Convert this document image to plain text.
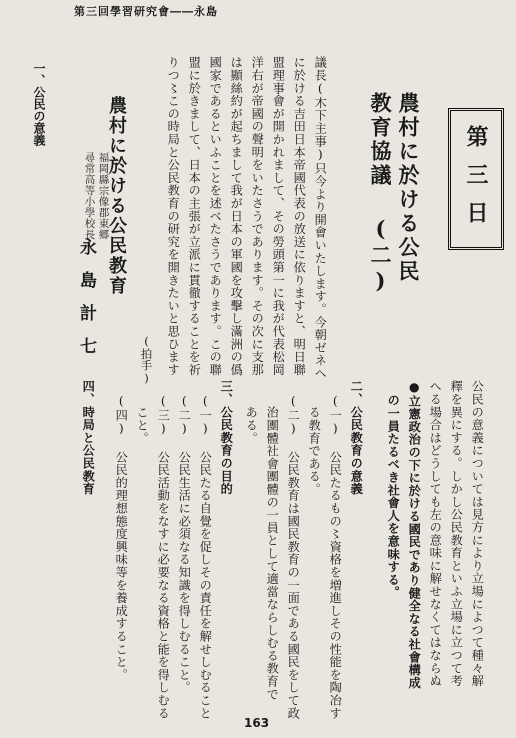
第三回學習研究會――永島
第三日
農村に於ける公民
教育協議 (二)
議長(木下主事)只今より開會いたします。今朝ゼネヘ
に於ける吉田日本帝國代表の放送に依りますと、明日聯
盟理事會が開かれまして、その勞頭第一に我が代表松岡
洋右が帝國の聲明をいたさうであります。その次に支那
は顯絲約が起ちまして我が日本の軍國を攻擊し滿洲の僞
國家であるといふことを述べたさうであります。この聯
盟に於きまして、日本の主張が立派に貫徹することを祈
りつ〻この時局と公民教育の研究を開きたいと思ひます
(拍手)
農村に於ける公民教育
福岡縣宗像郡東郷
尋常高等小學校長
永島計七
一、公民の意義
公民の意義については見方により立場によつて種々解
釋を異にする。しかし公民教育といふ立場に立つて考
へる場合はどうしても左の意味に解せなくてはならぬ
●立憲政治の下に於ける國民であり健全なる社會構成
の一員たるべき社會人を意味する。
二、公民教育の意義
(一) 公民たるもの〻資格を増進しその性能を陶冶す
る教育である。
(二) 公民教育は國民教育の一面である國民をして政
治團體社會團體の一員として適當ならしむる教育で
ある。
三、公民教育の目的
(一) 公民たる自覺を促しその責任を解せしむること
(二) 公民生活に必須なる知識を得しむること。
(三) 公民活動をなすに必要なる資格と能を得しむる
こと。
(四) 公民的理想態度興味等を養成すること。
四、時局と公民教育
163
